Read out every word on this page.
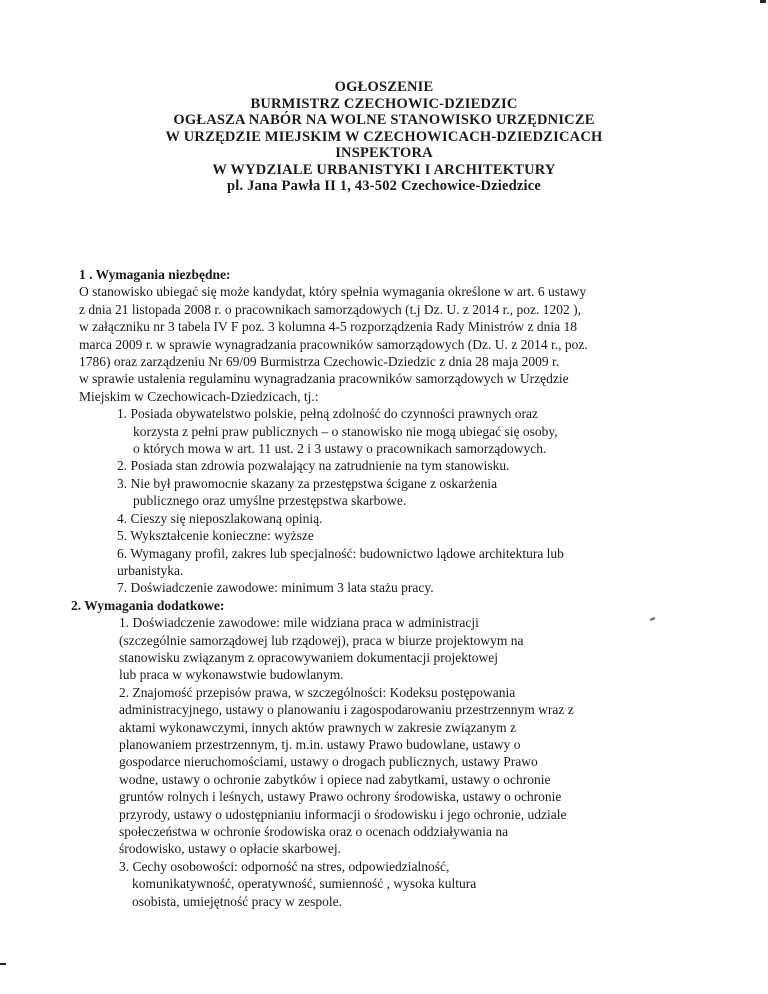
OGŁOSZENIE
BURMISTRZ CZECHOWIC-DZIEDZIC
OGŁASZA NABÓR NA WOLNE STANOWISKO URZĘDNICZE
W URZĘDZIE MIEJSKIM W CZECHOWICACH-DZIEDZICACH
INSPEKTORA
W WYDZIALE URBANISTYKI I ARCHITEKTURY
pl. Jana Pawła II 1, 43-502 Czechowice-Dziedzice
1 . Wymagania niezbędne:
O stanowisko ubiegać się może kandydat, który spełnia wymagania określone w art. 6 ustawy
z dnia 21 listopada 2008 r. o pracownikach samorządowych (t.j Dz. U. z 2014 r., poz. 1202 ),
w załączniku nr 3 tabela IV F poz. 3 kolumna 4-5 rozporządzenia Rady Ministrów z dnia 18
marca 2009 r. w sprawie wynagradzania pracowników samorządowych (Dz. U. z 2014 r., poz.
1786) oraz zarządzeniu Nr 69/09 Burmistrza Czechowic-Dziedzic z dnia 28 maja 2009 r.
w sprawie ustalenia regulaminu wynagradzania pracowników samorządowych w Urzędzie
Miejskim w Czechowicach-Dziedzicach, tj.:
1. Posiada obywatelstwo polskie, pełną zdolność do czynności prawnych oraz
korzysta z pełni praw publicznych – o stanowisko nie mogą ubiegać się osoby,
o których mowa w art. 11 ust. 2 i 3 ustawy o pracownikach samorządowych.
2. Posiada stan zdrowia pozwalający na zatrudnienie na tym stanowisku.
3. Nie był prawomocnie skazany za przestępstwa ścigane z oskarżenia
publicznego oraz umyślne przestępstwa skarbowe.
4. Cieszy się nieposzlakowaną opinią.
5. Wykształcenie konieczne: wyższe
6. Wymagany profil, zakres lub specjalność: budownictwo lądowe architektura lub
urbanistyka.
7. Doświadczenie zawodowe: minimum 3 lata stażu pracy.
2. Wymagania dodatkowe:
1. Doświadczenie zawodowe: mile widziana praca w administracji
(szczególnie samorządowej lub rządowej), praca w biurze projektowym na
stanowisku związanym z opracowywaniem dokumentacji projektowej
lub praca w wykonawstwie budowlanym.
2. Znajomość przepisów prawa, w szczególności: Kodeksu postępowania
administracyjnego, ustawy o planowaniu i zagospodarowaniu przestrzennym wraz z
aktami wykonawczymi, innych aktów prawnych w zakresie związanym z
planowaniem przestrzennym, tj. m.in. ustawy Prawo budowlane, ustawy o
gospodarce nieruchomościami, ustawy o drogach publicznych, ustawy Prawo
wodne, ustawy o ochronie zabytków i opiece nad zabytkami, ustawy o ochronie
gruntów rolnych i leśnych, ustawy Prawo ochrony środowiska, ustawy o ochronie
przyrody, ustawy o udostępnianiu informacji o środowisku i jego ochronie, udziale
społeczeństwa w ochronie środowiska oraz o ocenach oddziaływania na
środowisko, ustawy o opłacie skarbowej.
3. Cechy osobowości: odporność na stres, odpowiedzialność,
komunikatywność, operatywność, sumienność , wysoka kultura
osobista, umiejętność pracy w zespole.
